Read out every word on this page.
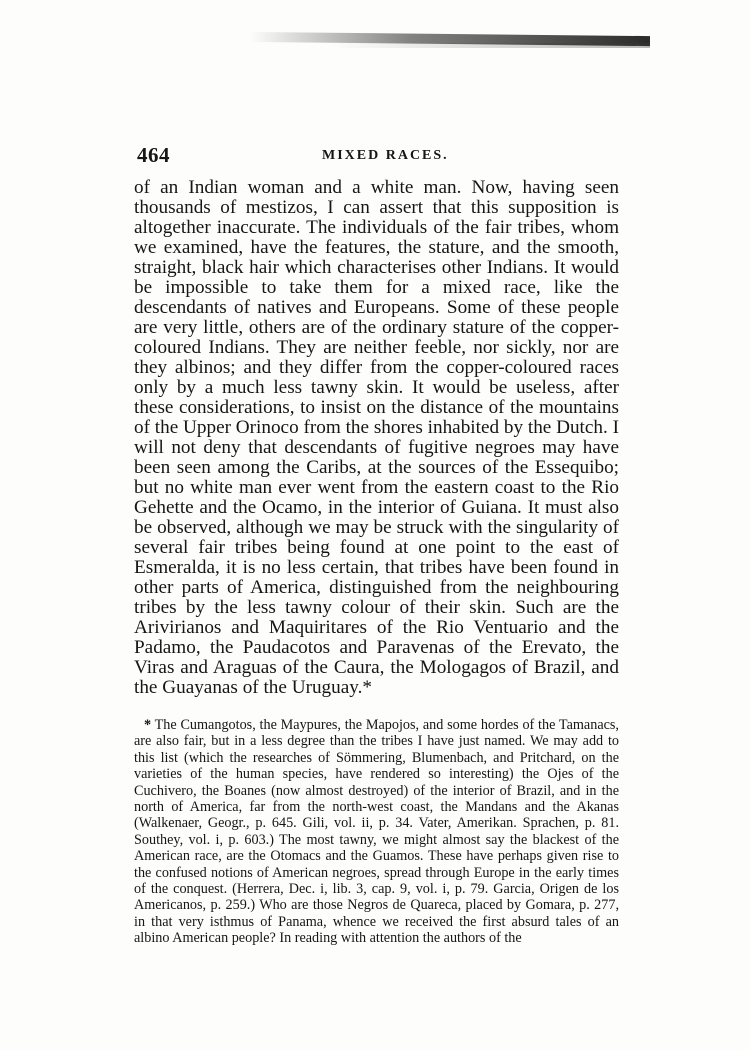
464	MIXED RACES.

of an Indian woman and a white man. Now, having seen thousands of mestizos, I can assert that this supposition is altogether inaccurate. The individuals of the fair tribes, whom we examined, have the features, the stature, and the smooth, straight, black hair which characterises other Indians. It would be impossible to take them for a mixed race, like the descendants of natives and Europeans. Some of these people are very little, others are of the ordinary stature of the copper-coloured Indians. They are neither feeble, nor sickly, nor are they albinos; and they differ from the copper-coloured races only by a much less tawny skin. It would be useless, after these considerations, to insist on the distance of the mountains of the Upper Orinoco from the shores inhabited by the Dutch. I will not deny that descendants of fugitive negroes may have been seen among the Caribs, at the sources of the Essequibo; but no white man ever went from the eastern coast to the Rio Gehette and the Ocamo, in the interior of Guiana. It must also be observed, although we may be struck with the singularity of several fair tribes being found at one point to the east of Esmeralda, it is no less certain, that tribes have been found in other parts of America, distinguished from the neighbouring tribes by the less tawny colour of their skin. Such are the Arivirianos and Maquiritares of the Rio Ventuario and the Padamo, the Paudacotos and Paravenas of the Erevato, the Viras and Araguas of the Caura, the Mologagos of Brazil, and the Guayanas of the Uruguay.*

* The Cumangotos, the Maypures, the Mapojos, and some hordes of the Tamanacs, are also fair, but in a less degree than the tribes I have just named. We may add to this list (which the researches of Sömmering, Blumenbach, and Pritchard, on the varieties of the human species, have rendered so interesting) the Ojes of the Cuchivero, the Boanes (now almost destroyed) of the interior of Brazil, and in the north of America, far from the north-west coast, the Mandans and the Akanas (Walkenaer, Geogr., p. 645. Gili, vol. ii, p. 34. Vater, Amerikan. Sprachen, p. 81. Southey, vol. i, p. 603.) The most tawny, we might almost say the blackest of the American race, are the Otomacs and the Guamos. These have perhaps given rise to the confused notions of American negroes, spread through Europe in the early times of the conquest. (Herrera, Dec. i, lib. 3, cap. 9, vol. i, p. 79. Garcia, Origen de los Americanos, p. 259.) Who are those Negros de Quareca, placed by Gomara, p. 277, in that very isthmus of Panama, whence we received the first absurd tales of an albino American people? In reading with attention the authors of the
